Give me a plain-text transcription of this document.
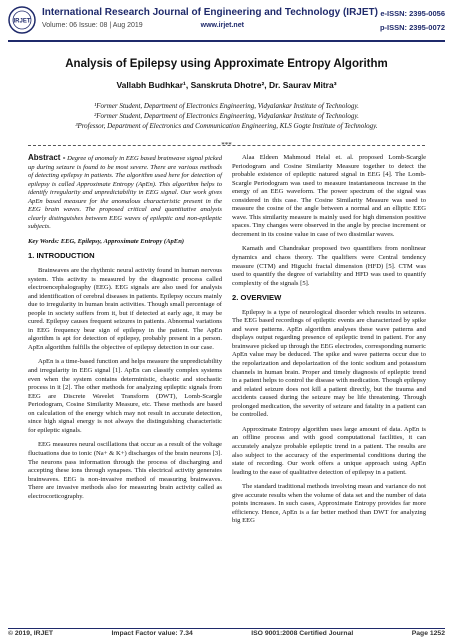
IRJET
International Research Journal of Engineering and Technology (IRJET)
Volume: 06 Issue: 08 | Aug 2019	www.irjet.net
e-ISSN: 2395-0056
p-ISSN: 2395-0072
Analysis of Epilepsy using Approximate Entropy Algorithm
Vallabh Budhkar¹, Sanskruta Dhotre², Dr. Saurav Mitra³
¹Former Student, Department of Electronics Engineering, Vidyalankar Institute of Technology.
²Former Student, Department of Electronics Engineering, Vidyalankar Institute of Technology.
³Professor, Department of Electronics and Communication Engineering, KLS Gogte Institute of Technology.
***

Abstract - Degree of anomaly in EEG based brainwave signal picked up during seizure is found to be most severe. There are various methods of detecting epilepsy in patients. The algorithm used here for detection of epilepsy is called Approximate Entropy (ApEn). This algorithm helps to identify irregularity and unpredictability in EEG signal. Our work gives ApEn based measure for the anomalous characteristic present in the EEG brain waves. The proposed critical and quantitative analysis clearly distinguishes between EEG waves of epileptic and non-epileptic subjects.

Key Words: EEG, Epilepsy, Approximate Entropy (ApEn)

1. INTRODUCTION

Brainwaves are the rhythmic neural activity found in human nervous system. This activity is measured by the diagnostic process called electroencephalography (EEG). EEG signals are also used for analysis and identification of cerebral diseases in patients. Epilepsy occurs mainly due to irregularity in human brain activities. Though small percentage of people in society suffers from it, but if detected at early age, it may be cured. Epilepsy causes frequent seizures in patients. Abnormal variations in EEG frequency bear sign of epilepsy in the patient. The ApEn algorithm is apt for detection of epilepsy, probably present in a person. ApEn algorithm fulfills the objective of epilepsy detection in our case.

ApEn is a time-based function and helps measure the unpredictability and irregularity in EEG signal [1]. ApEn can classify complex systems even when the system contains deterministic, chaotic and stochastic process in it [2]. The other methods for analyzing epileptic signals from EEG are Discrete Wavelet Transform (DWT), Lomb-Scargle Periodogram, Cosine Similarity Measure, etc. These methods are based on calculation of the energy which may not result in accurate detection, since high signal energy is not always the distinguishing characteristic for epileptic signals.

EEG measures neural oscillations that occur as a result of the voltage fluctuations due to ionic (Na+ & K+) discharges of the brain neurons [3]. The neurons pass information through the process of discharging and accepting these ions through synapses. This electrical activity generates brainwaves. EEG is non-invasive method of measuring brainwaves. There are invasive methods also for measuring brain activity called as electrocorticography.

Alaa Eldeen Mahmoud Helal et. al. proposed Lomb-Scargle Periodogram and Cosine Similarity Measure together to detect the probable existence of epileptic natured signal in EEG [4]. The Lomb-Scargle Periodogram was used to measure instantaneous increase in the energy of an EEG waveform. The power spectrum of the signal was considered in this case. The Cosine Similarity Measure was used to measure the cosine of the angle between a normal and an elliptic EEG wave. This similarity measure is mainly used for high dimension positive spaces. Tiny changes were observed in the angle by precise increment or decrement in its cosine value in case of two dissimilar waves.

Kamath and Chandrakar proposed two quantifiers from nonlinear dynamics and chaos theory. The qualifiers were Central tendency measure (CTM) and Higuchi fractal dimension (HFD) [5]. CTM was used to quantify the degree of variability and HFD was used to quantify complexity of the signals [5].

2. OVERVIEW

Epilepsy is a type of neurological disorder which results in seizures. The EEG based recordings of epileptic events are characterized by spike and wave patterns. ApEn algorithm analyses these wave patterns and displays output regarding presence of epileptic trend in patient. For any brainwave picked up through the EEG electrodes, corresponding numeric ApEn value may be deduced. The spike and wave patterns occur due to the repolarization and depolarization of the ionic sodium and potassium channels in human brain. Proper and timely diagnosis of epileptic trend in a patient helps to control the disease with medication. Though epilepsy and related seizure does not kill a patient directly, but the trauma and accidents caused during the seizure may be life threatening. Through prolonged medication, the severity of seizure and fatality in a patient can be controlled.

Approximate Entropy algorithm uses large amount of data. ApEn is an offline process and with good computational facilities, it can accurately analyze probable epileptic trend in a patient. The results are also subject to the accuracy of the experimental conditions during the state of recording. Our work offers a unique approach using ApEn leading to the ease of qualitative detection of epilepsy in a patient.

The standard traditional methods involving mean and variance do not give accurate results when the volume of data set and the number of data points increases. In such cases, Approximate Entropy provides far more efficiency. Hence, ApEn is a far better method than DWT for analyzing big EEG

© 2019, IRJET	Impact Factor value: 7.34	ISO 9001:2008 Certified Journal	Page 1252
